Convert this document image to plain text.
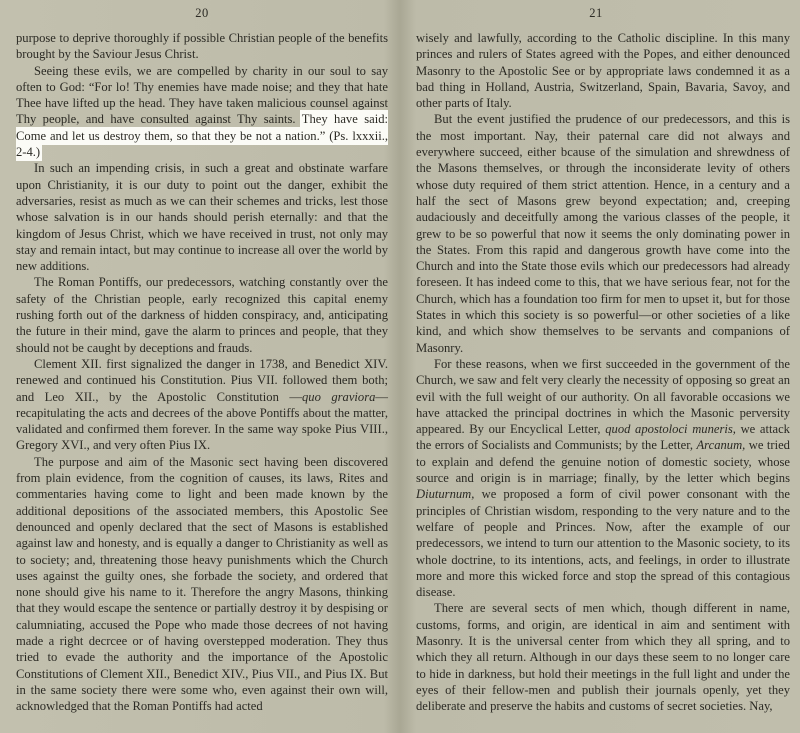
20

purpose to deprive thoroughly if possible Christian people of the benefits brought by the Saviour Jesus Christ.

Seeing these evils, we are compelled by charity in our soul to say often to God: “For lo! Thy enemies have made noise; and they that hate Thee have lifted up the head. They have taken malicious counsel against Thy people, and have consulted against Thy saints. They have said: Come and let us destroy them, so that they be not a nation.” (Ps. lxxxii., 2-4.)

In such an impending crisis, in such a great and obstinate warfare upon Christianity, it is our duty to point out the danger, exhibit the adversaries, resist as much as we can their schemes and tricks, lest those whose salvation is in our hands should perish eternally: and that the kingdom of Jesus Christ, which we have received in trust, not only may stay and remain intact, but may continue to increase all over the world by new additions.

The Roman Pontiffs, our predecessors, watching constantly over the safety of the Christian people, early recognized this capital enemy rushing forth out of the darkness of hidden conspiracy, and, anticipating the future in their mind, gave the alarm to princes and people, that they should not be caught by deceptions and frauds.

Clement XII. first signalized the danger in 1738, and Benedict XIV. renewed and continued his Constitution. Pius VII. followed them both; and Leo XII., by the Apostolic Constitution —quo graviora—recapitulating the acts and decrees of the above Pontiffs about the matter, validated and confirmed them forever. In the same way spoke Pius VIII., Gregory XVI., and very often Pius IX.

The purpose and aim of the Masonic sect having been discovered from plain evidence, from the cognition of causes, its laws, Rites and commentaries having come to light and been made known by the additional depositions of the associated members, this Apostolic See denounced and openly declared that the sect of Masons is established against law and honesty, and is equally a danger to Christianity as well as to society; and, threatening those heavy punishments which the Church uses against the guilty ones, she forbade the society, and ordered that none should give his name to it. Therefore the angry Masons, thinking that they would escape the sentence or partially destroy it by despising or calumniating, accused the Pope who made those decrees of not having made a right decrcee or of having overstepped moderation. They thus tried to evade the authority and the importance of the Apostolic Constitutions of Clement XII., Benedict XIV., Pius VII., and Pius IX. But in the same society there were some who, even against their own will, acknowledged that the Roman Pontiffs had acted

21

wisely and lawfully, according to the Catholic discipline. In this many princes and rulers of States agreed with the Popes, and either denounced Masonry to the Apostolic See or by appropriate laws condemned it as a bad thing in Holland, Austria, Switzerland, Spain, Bavaria, Savoy, and other parts of Italy.

But the event justified the prudence of our predecessors, and this is the most important. Nay, their paternal care did not always and everywhere succeed, either bcause of the simulation and shrewdness of the Masons themselves, or through the inconsiderate levity of others whose duty required of them strict attention. Hence, in a century and a half the sect of Masons grew beyond expectation; and, creeping audaciously and deceitfully among the various classes of the people, it grew to be so powerful that now it seems the only dominating power in the States. From this rapid and dangerous growth have come into the Church and into the State those evils which our predecessors had already foreseen. It has indeed come to this, that we have serious fear, not for the Church, which has a foundation too firm for men to upset it, but for those States in which this society is so powerful—or other societies of a like kind, and which show themselves to be servants and companions of Masonry.

For these reasons, when we first succeeded in the government of the Church, we saw and felt very clearly the necessity of opposing so great an evil with the full weight of our authority. On all favorable occasions we have attacked the principal doctrines in which the Masonic perversity appeared. By our Encyclical Letter, quod apostoloci muneris, we attack the errors of Socialists and Communists; by the Letter, Arcanum, we tried to explain and defend the genuine notion of domestic society, whose source and origin is in marriage; finally, by the letter which begins Diuturnum, we proposed a form of civil power consonant with the principles of Christian wisdom, responding to the very nature and to the welfare of people and Princes. Now, after the example of our predecessors, we intend to turn our attention to the Masonic society, to its whole doctrine, to its intentions, acts, and feelings, in order to illustrate more and more this wicked force and stop the spread of this contagious disease.

There are several sects of men which, though different in name, customs, forms, and origin, are identical in aim and sentiment with Masonry. It is the universal center from which they all spring, and to which they all return. Although in our days these seem to no longer care to hide in darkness, but hold their meetings in the full light and under the eyes of their fellow-men and publish their journals openly, yet they deliberate and preserve the habits and customs of secret societies. Nay,
